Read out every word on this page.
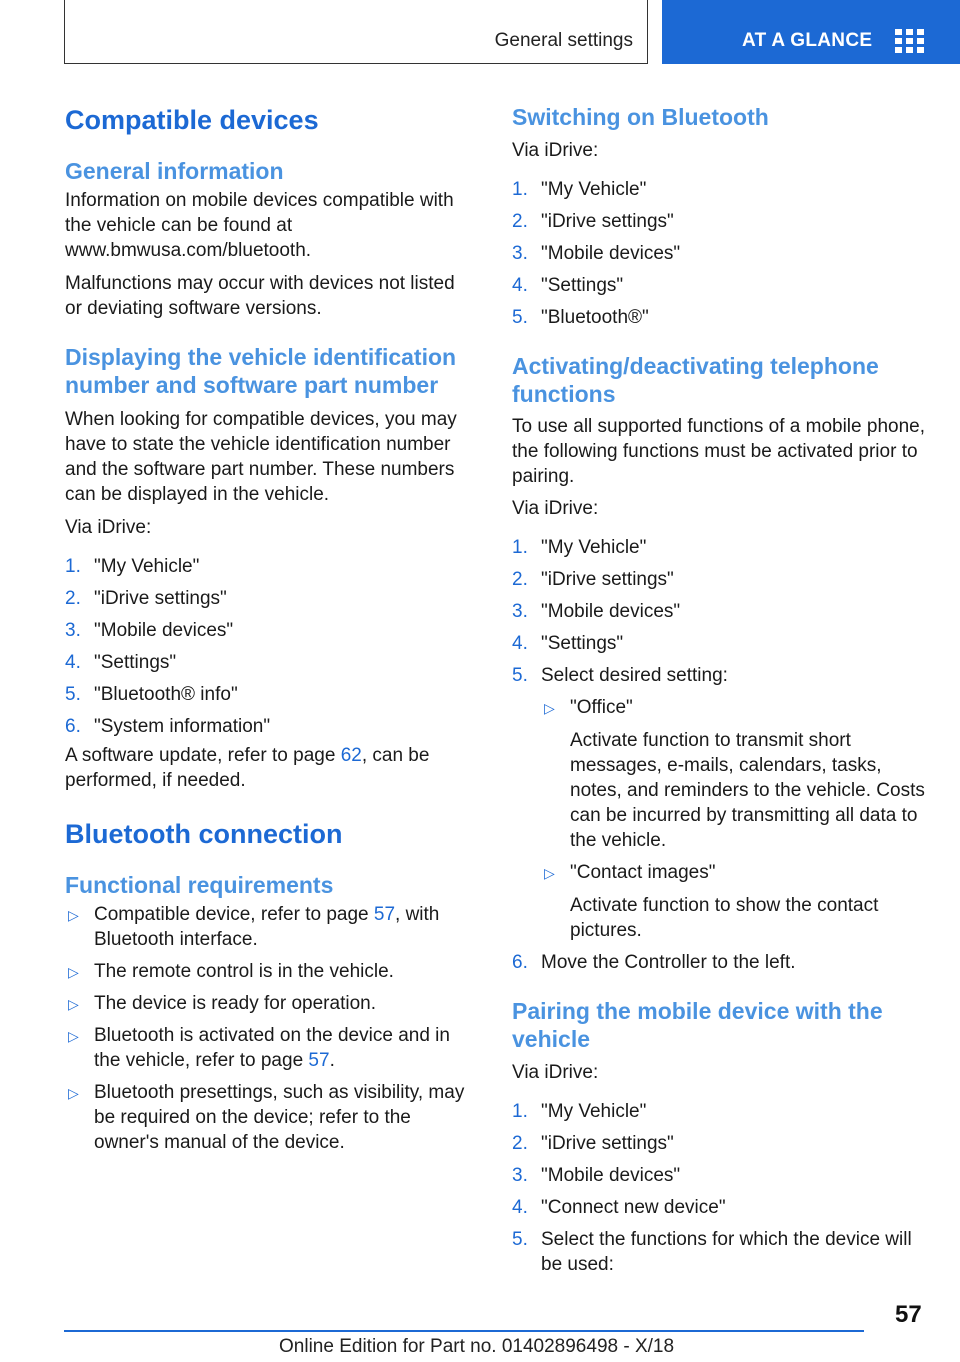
General settings	AT A GLANCE
Compatible devices
General information

Information on mobile devices compatible with the vehicle can be found at www.bmwusa.com/bluetooth.

Malfunctions may occur with devices not listed or deviating software versions.

Displaying the vehicle identification number and software part number

When looking for compatible devices, you may have to state the vehicle identification number and the software part number. These numbers can be displayed in the vehicle.

Via iDrive:

1. "My Vehicle"
2. "iDrive settings"
3. "Mobile devices"
4. "Settings"
5. "Bluetooth® info"
6. "System information"

A software update, refer to page 62, can be performed, if needed.

Bluetooth connection
Functional requirements
▷ Compatible device, refer to page 57, with Bluetooth interface.
▷ The remote control is in the vehicle.
▷ The device is ready for operation.
▷ Bluetooth is activated on the device and in the vehicle, refer to page 57.
▷ Bluetooth presettings, such as visibility, may be required on the device; refer to the owner's manual of the device.
Switching on Bluetooth

Via iDrive:

1. "My Vehicle"
2. "iDrive settings"
3. "Mobile devices"
4. "Settings"
5. "Bluetooth®"
Activating/deactivating telephone functions

To use all supported functions of a mobile phone, the following functions must be activated prior to pairing.

Via iDrive:

1. "My Vehicle"
2. "iDrive settings"
3. "Mobile devices"
4. "Settings"
5. Select desired setting:
▷ "Office"
Activate function to transmit short messages, e-mails, calendars, tasks, notes, and reminders to the vehicle. Costs can be incurred by transmitting all data to the vehicle.
▷ "Contact images"
Activate function to show the contact pictures.
6. Move the Controller to the left.
Pairing the mobile device with the vehicle

Via iDrive:

1. "My Vehicle"
2. "iDrive settings"
3. "Mobile devices"
4. "Connect new device"
5. Select the functions for which the device will be used:
57
Online Edition for Part no. 01402896498 - X/18
